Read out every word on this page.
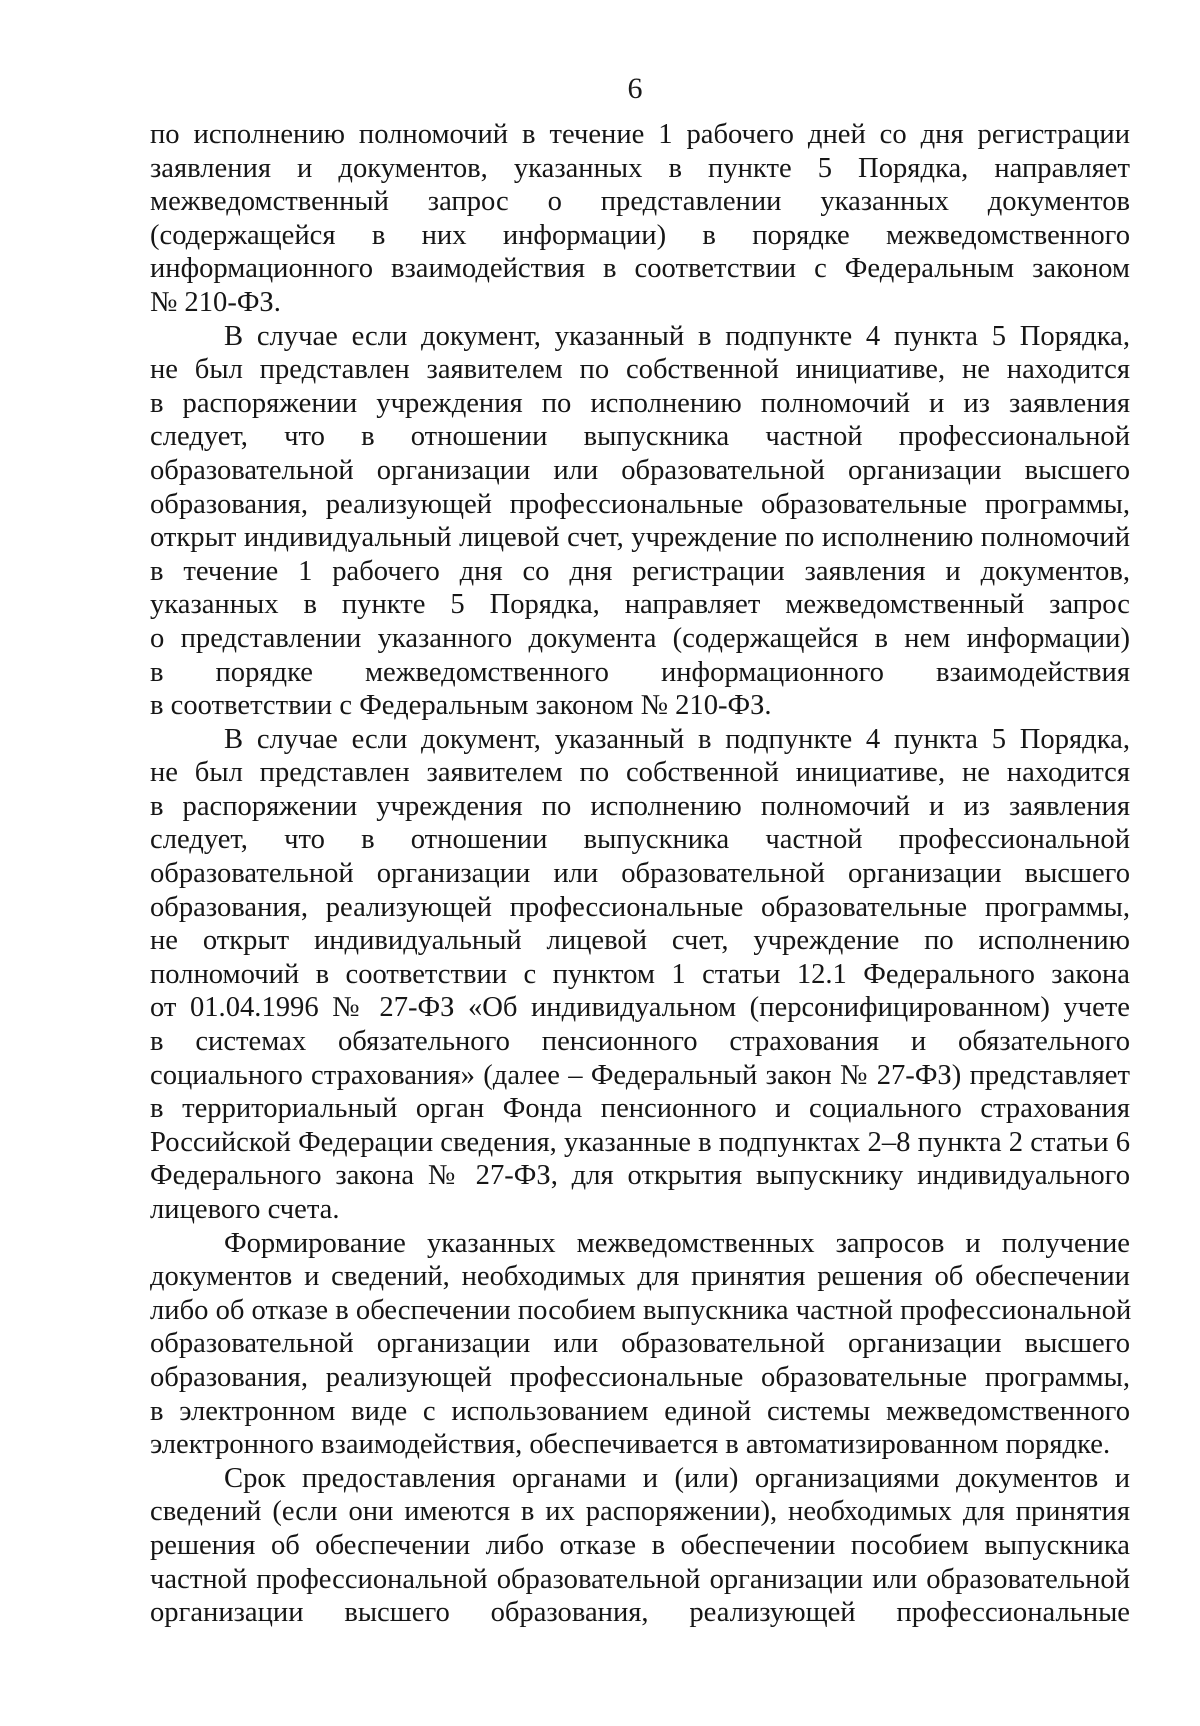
6
по исполнению полномочий в течение 1 рабочего дней со дня регистрации
заявления и документов, указанных в пункте 5 Порядка, направляет
межведомственный запрос о представлении указанных документов
(содержащейся в них информации) в порядке межведомственного
информационного взаимодействия в соответствии с Федеральным законом
№ 210-ФЗ.
В случае если документ, указанный в подпункте 4 пункта 5 Порядка,
не был представлен заявителем по собственной инициативе, не находится
в распоряжении учреждения по исполнению полномочий и из заявления
следует, что в отношении выпускника частной профессиональной
образовательной организации или образовательной организации высшего
образования, реализующей профессиональные образовательные программы,
открыт индивидуальный лицевой счет, учреждение по исполнению полномочий
в течение 1 рабочего дня со дня регистрации заявления и документов,
указанных в пункте 5 Порядка, направляет межведомственный запрос
о представлении указанного документа (содержащейся в нем информации)
в порядке межведомственного информационного взаимодействия
в соответствии с Федеральным законом № 210-ФЗ.
В случае если документ, указанный в подпункте 4 пункта 5 Порядка,
не был представлен заявителем по собственной инициативе, не находится
в распоряжении учреждения по исполнению полномочий и из заявления
следует, что в отношении выпускника частной профессиональной
образовательной организации или образовательной организации высшего
образования, реализующей профессиональные образовательные программы,
не открыт индивидуальный лицевой счет, учреждение по исполнению
полномочий в соответствии с пунктом 1 статьи 12.1 Федерального закона
от 01.04.1996 № 27-ФЗ «Об индивидуальном (персонифицированном) учете
в системах обязательного пенсионного страхования и обязательного
социального страхования» (далее – Федеральный закон № 27-ФЗ) представляет
в территориальный орган Фонда пенсионного и социального страхования
Российской Федерации сведения, указанные в подпунктах 2–8 пункта 2 статьи 6
Федерального закона № 27-ФЗ, для открытия выпускнику индивидуального
лицевого счета.
Формирование указанных межведомственных запросов и получение
документов и сведений, необходимых для принятия решения об обеспечении
либо об отказе в обеспечении пособием выпускника частной профессиональной
образовательной организации или образовательной организации высшего
образования, реализующей профессиональные образовательные программы,
в электронном виде с использованием единой системы межведомственного
электронного взаимодействия, обеспечивается в автоматизированном порядке.
Срок предоставления органами и (или) организациями документов и
сведений (если они имеются в их распоряжении), необходимых для принятия
решения об обеспечении либо отказе в обеспечении пособием выпускника
частной профессиональной образовательной организации или образовательной
организации высшего образования, реализующей профессиональные
